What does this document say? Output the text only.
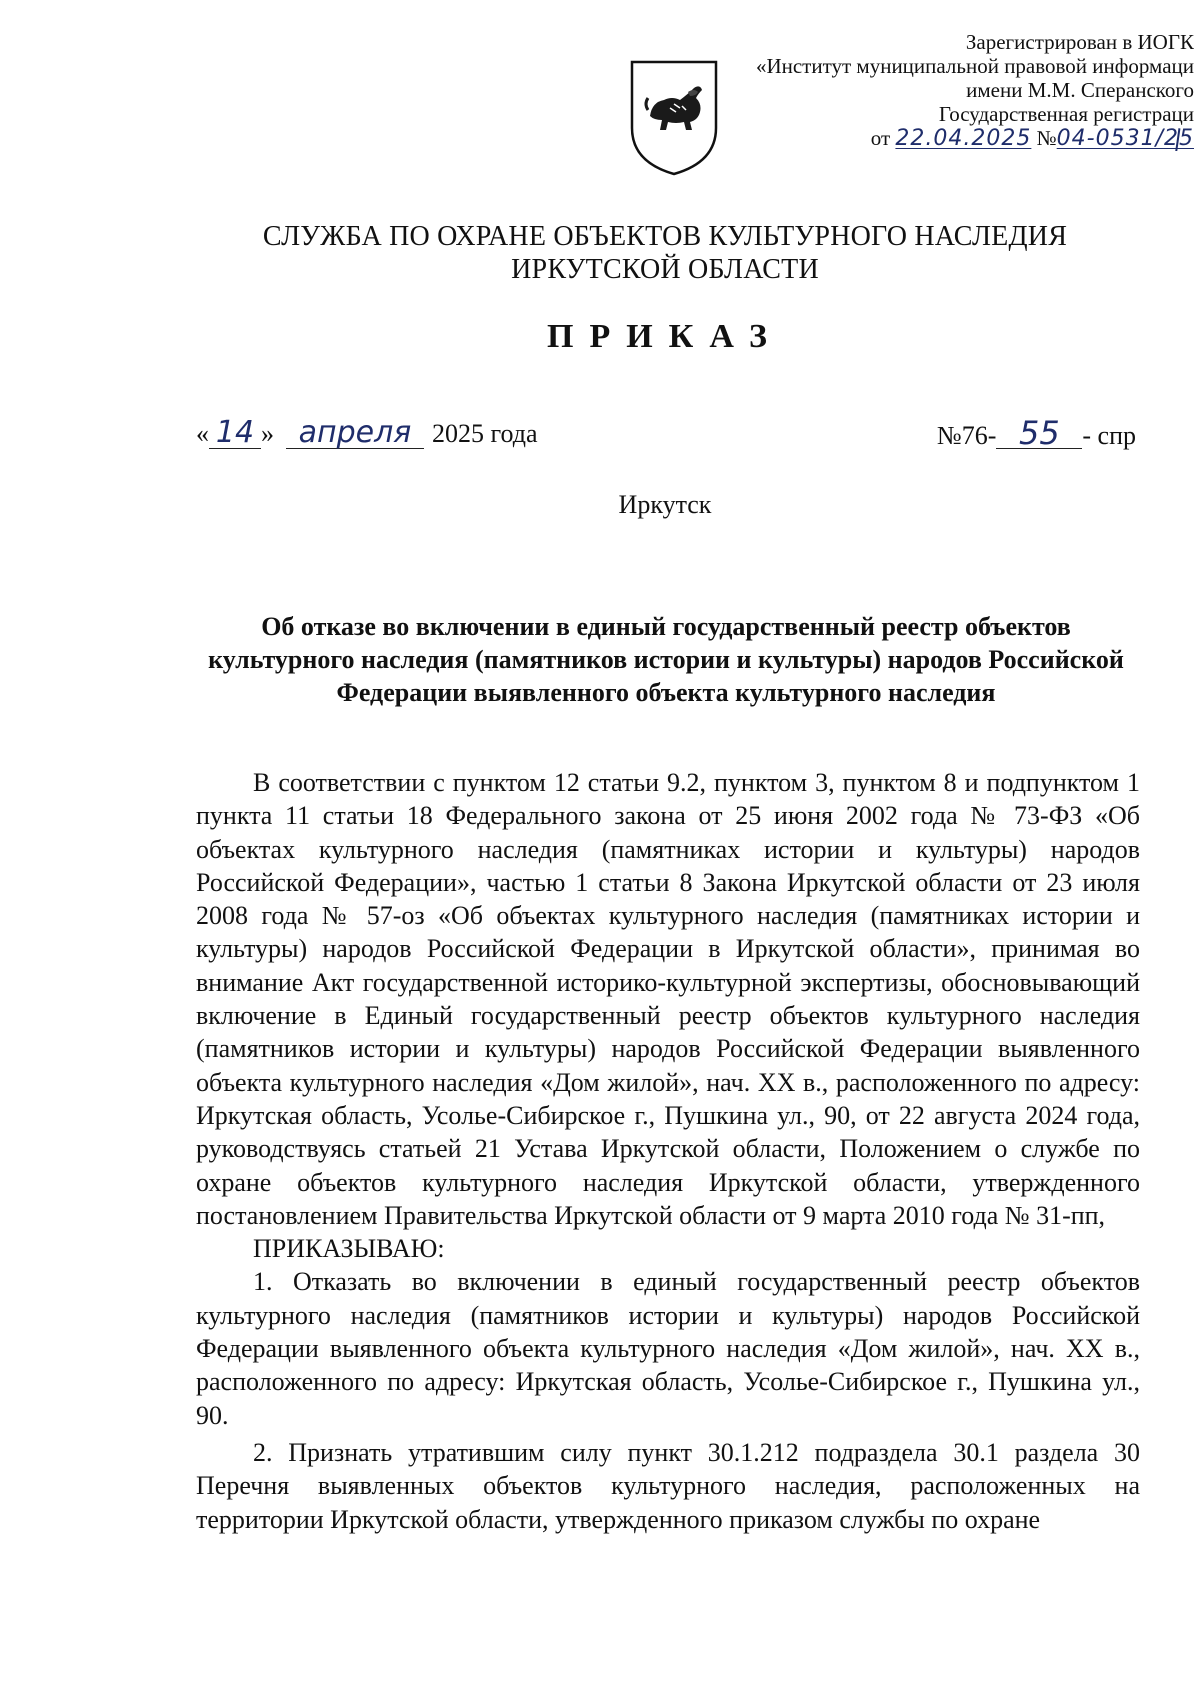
Зарегистрирован в ИОГК
«Институт муниципальной правовой информаци
имени М.М. Сперанского
Государственная регистраци
от 22.04.2025 №04-0531/25
СЛУЖБА ПО ОХРАНЕ ОБЪЕКТОВ КУЛЬТУРНОГО НАСЛЕДИЯ
ИРКУТСКОЙ ОБЛАСТИ
ПРИКАЗ
« 14 » апреля 2025 года	№76- 55 - спр
Иркутск
Об отказе во включении в единый государственный реестр объектов культурного наследия (памятников истории и культуры) народов Российской Федерации выявленного объекта культурного наследия

В соответствии с пунктом 12 статьи 9.2, пунктом 3, пунктом 8 и подпунктом 1 пункта 11 статьи 18 Федерального закона от 25 июня 2002 года № 73-ФЗ «Об объектах культурного наследия (памятниках истории и культуры) народов Российской Федерации», частью 1 статьи 8 Закона Иркутской области от 23 июля 2008 года № 57-оз «Об объектах культурного наследия (памятниках истории и культуры) народов Российской Федерации в Иркутской области», принимая во внимание Акт государственной историко-культурной экспертизы, обосновывающий включение в Единый государственный реестр объектов культурного наследия (памятников истории и культуры) народов Российской Федерации выявленного объекта культурного наследия «Дом жилой», нач. XX в., расположенного по адресу: Иркутская область, Усолье-Сибирское г., Пушкина ул., 90, от 22 августа 2024 года, руководствуясь статьей 21 Устава Иркутской области, Положением о службе по охране объектов культурного наследия Иркутской области, утвержденного постановлением Правительства Иркутской области от 9 марта 2010 года № 31-пп,

ПРИКАЗЫВАЮ:

1. Отказать во включении в единый государственный реестр объектов культурного наследия (памятников истории и культуры) народов Российской Федерации выявленного объекта культурного наследия «Дом жилой», нач. XX в., расположенного по адресу: Иркутская область, Усолье-Сибирское г., Пушкина ул., 90.

2. Признать утратившим силу пункт 30.1.212 подраздела 30.1 раздела 30 Перечня выявленных объектов культурного наследия, расположенных на территории Иркутской области, утвержденного приказом службы по охране
